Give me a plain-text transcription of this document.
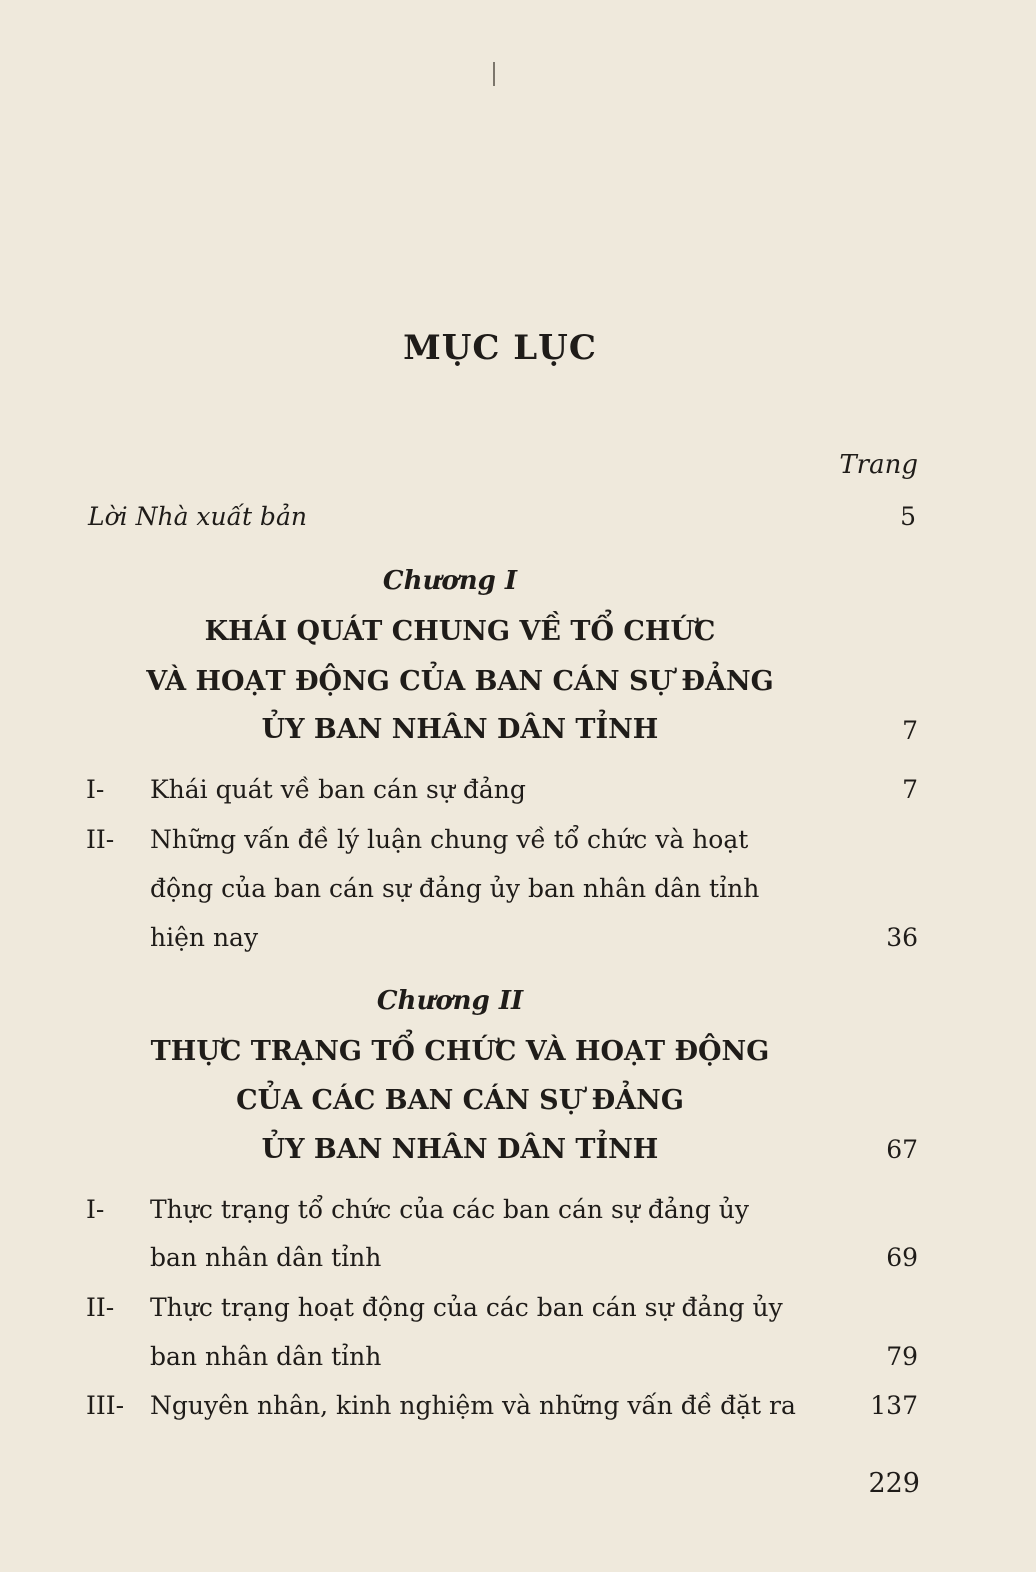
MỤC LỤC
Trang
Lời Nhà xuất bản	5
Chương I
KHÁI QUÁT CHUNG VỀ TỔ CHỨC
VÀ HOẠT ĐỘNG CỦA BAN CÁN SỰ ĐẢNG
ỦY BAN NHÂN DÂN TỈNH	7
I- Khái quát về ban cán sự đảng	7
II- Những vấn đề lý luận chung về tổ chức và hoạt
động của ban cán sự đảng ủy ban nhân dân tỉnh
hiện nay	36
Chương II
THỰC TRẠNG TỔ CHỨC VÀ HOẠT ĐỘNG
CỦA CÁC BAN CÁN SỰ ĐẢNG
ỦY BAN NHÂN DÂN TỈNH	67
I- Thực trạng tổ chức của các ban cán sự đảng ủy
ban nhân dân tỉnh	69
II- Thực trạng hoạt động của các ban cán sự đảng ủy
ban nhân dân tỉnh	79
III- Nguyên nhân, kinh nghiệm và những vấn đề đặt ra	137
229
